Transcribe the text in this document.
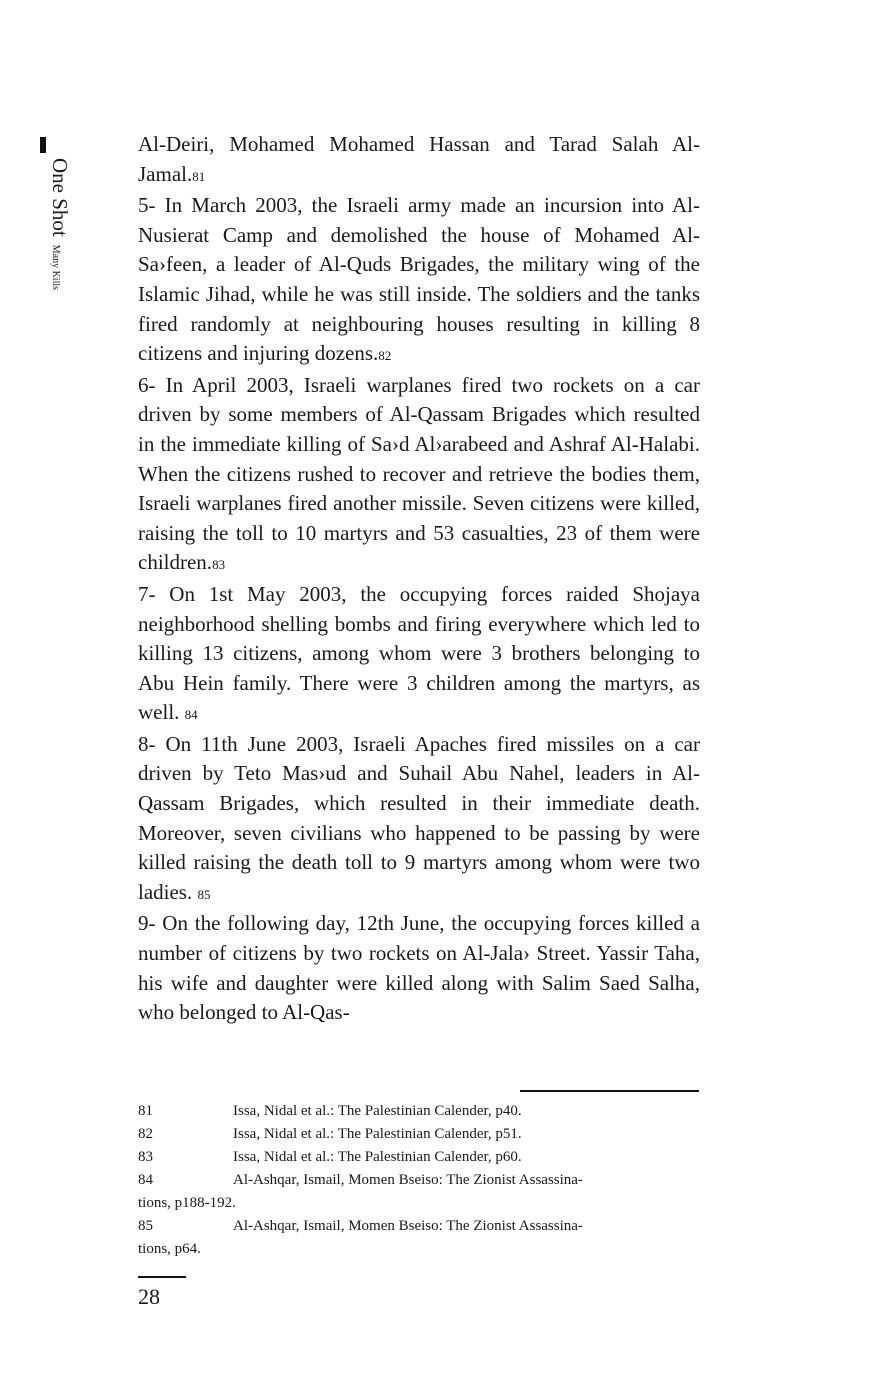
One ShotMany Kills

Al-Deiri, Mohamed Mohamed Hassan and Tarad Salah Al-Jamal.81

5- In March 2003, the Israeli army made an incursion into Al-Nusierat Camp and demolished the house of Mohamed Al-Sa›feen, a leader of Al-Quds Brigades, the military wing of the Islamic Jihad, while he was still inside. The soldiers and the tanks fired randomly at neighbouring houses resulting in killing 8 citizens and injuring dozens.82

6- In April 2003, Israeli warplanes fired two rockets on a car driven by some members of Al-Qassam Brigades which resulted in the immediate killing of Sa›d Al›arabeed and Ashraf Al-Halabi. When the citizens rushed to recover and retrieve the bodies them, Israeli warplanes fired another missile. Seven citizens were killed, raising the toll to 10 martyrs and 53 casualties, 23 of them were children.83

7- On 1st May 2003, the occupying forces raided Shojaya neighborhood shelling bombs and firing everywhere which led to killing 13 citizens, among whom were 3 brothers belonging to Abu Hein family. There were 3 children among the martyrs, as well. 84

8- On 11th June 2003, Israeli Apaches fired missiles on a car driven by Teto Mas›ud and Suhail Abu Nahel, leaders in Al-Qassam Brigades, which resulted in their immediate death. Moreover, seven civilians who happened to be passing by were killed raising the death toll to 9 martyrs among whom were two ladies. 85

9- On the following day, 12th June, the occupying forces killed a number of citizens by two rockets on Al-Jala› Street. Yassir Taha, his wife and daughter were killed along with Salim Saed Salha, who belonged to Al-Qas-

81	Issa, Nidal et al.: The Palestinian Calender, p40.
82	Issa, Nidal et al.: The Palestinian Calender, p51.
83	Issa, Nidal et al.: The Palestinian Calender, p60.
84	Al-Ashqar, Ismail, Momen Bseiso: The Zionist Assassina-
tions, p188-192.
85	Al-Ashqar, Ismail, Momen Bseiso: The Zionist Assassina-
tions, p64.
28
